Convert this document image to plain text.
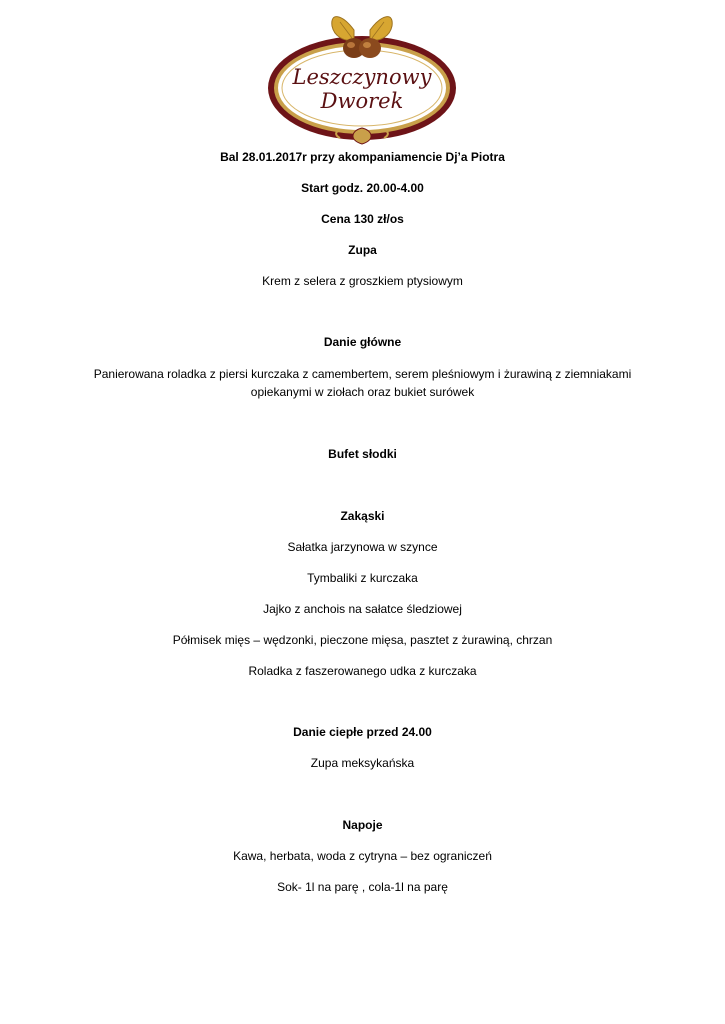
Leszczynowy
Dworek
Bal 28.01.2017r przy akompaniamencie Dj’a Piotra
Start godz. 20.00-4.00
Cena 130 zł/os
Zupa
Krem z selera z groszkiem ptysiowym
Danie główne
Panierowana roladka z piersi kurczaka z camembertem, serem pleśniowym i żurawiną z ziemniakami
opiekanymi w ziołach oraz bukiet surówek
Bufet słodki
Zakąski
Sałatka jarzynowa w szynce
Tymbaliki z kurczaka
Jajko z anchois na sałatce śledziowej
Półmisek mięs – wędzonki, pieczone mięsa, pasztet z żurawiną, chrzan
Roladka z faszerowanego udka z kurczaka
Danie ciepłe przed 24.00
Zupa meksykańska
Napoje
Kawa, herbata, woda z cytryna – bez ograniczeń
Sok- 1l na parę , cola-1l na parę
